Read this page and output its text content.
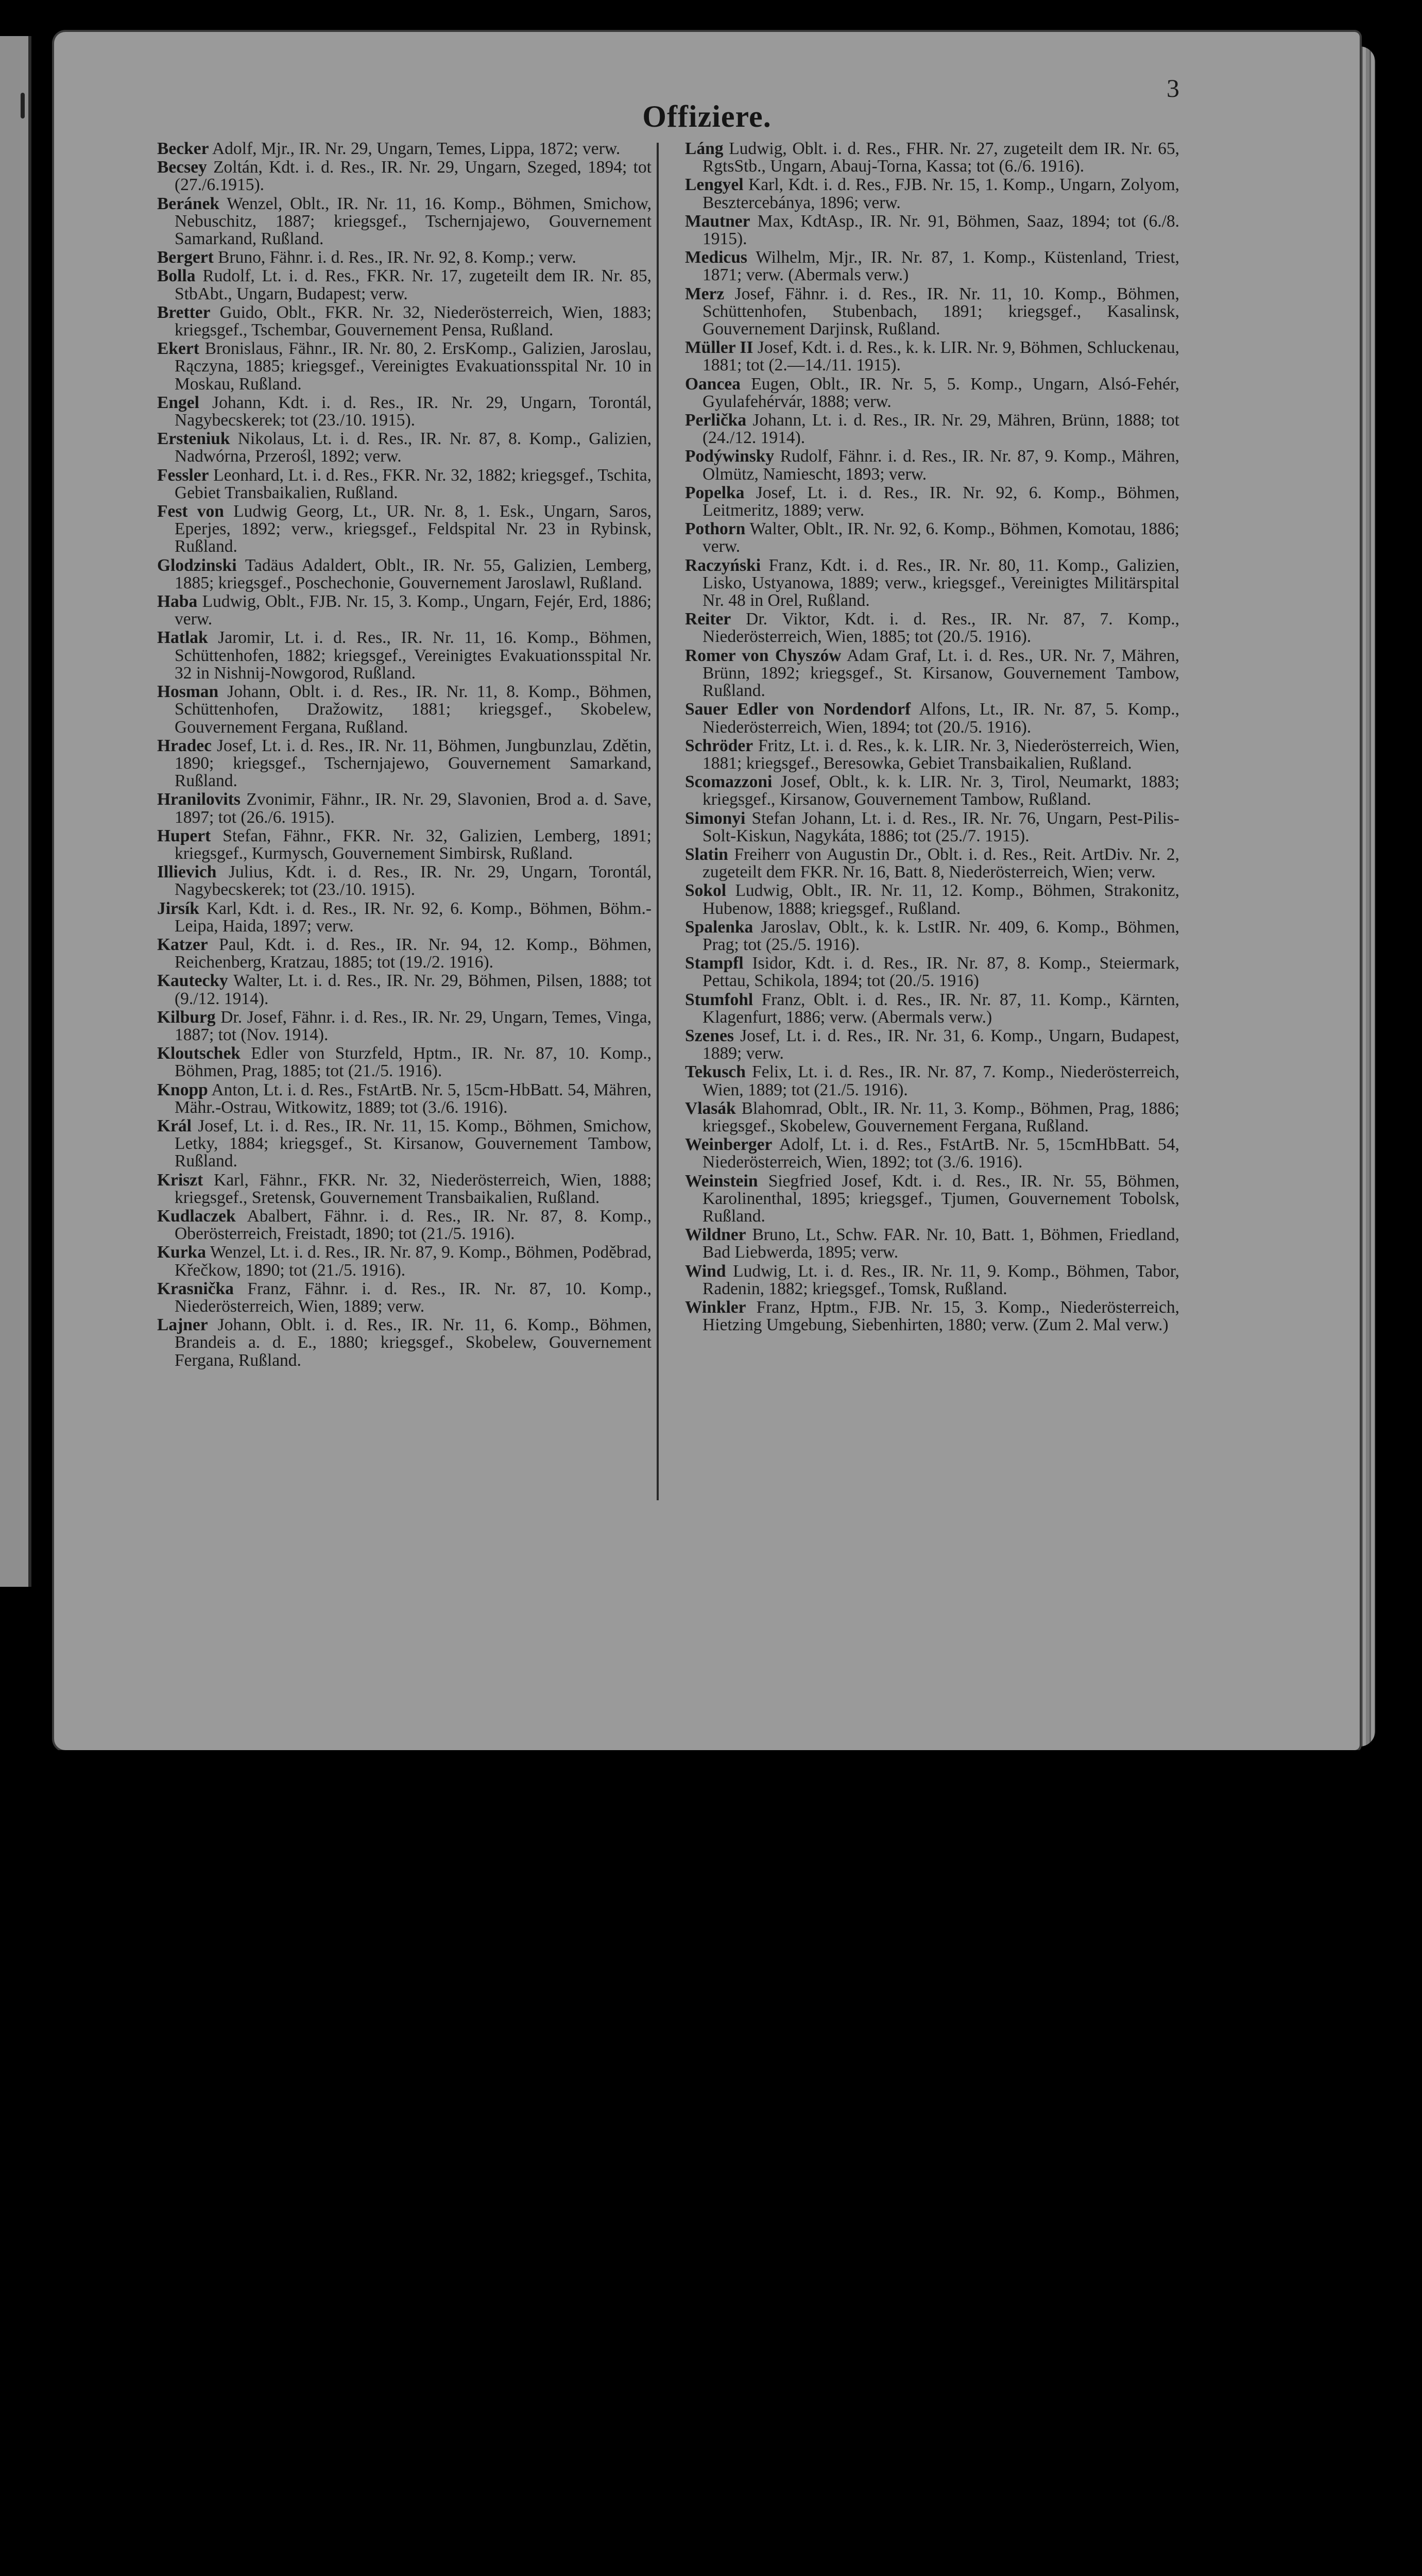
3
Offiziere.
Becker Adolf, Mjr., IR. Nr. 29, Ungarn, Temes, Lippa, 1872; verw.
Becsey Zoltán, Kdt. i. d. Res., IR. Nr. 29, Ungarn, Szeged, 1894; tot (27./6.1915).
Beránek Wenzel, Oblt., IR. Nr. 11, 16. Komp., Böhmen, Smichow, Nebuschitz, 1887; kriegsgef., Tschernjajewo, Gouvernement Samarkand, Rußland.
Bergert Bruno, Fähnr. i. d. Res., IR. Nr. 92, 8. Komp.; verw.
Bolla Rudolf, Lt. i. d. Res., FKR. Nr. 17, zugeteilt dem IR. Nr. 85, StbAbt., Ungarn, Budapest; verw.
Bretter Guido, Oblt., FKR. Nr. 32, Niederösterreich, Wien, 1883; kriegsgef., Tschembar, Gouvernement Pensa, Rußland.
Ekert Bronislaus, Fähnr., IR. Nr. 80, 2. ErsKomp., Galizien, Jaroslau, Rączyna, 1885; kriegsgef., Vereinigtes Evakuationsspital Nr. 10 in Moskau, Rußland.
Engel Johann, Kdt. i. d. Res., IR. Nr. 29, Ungarn, Torontál, Nagybecskerek; tot (23./10. 1915).
Ersteniuk Nikolaus, Lt. i. d. Res., IR. Nr. 87, 8. Komp., Galizien, Nadwórna, Przerośl, 1892; verw.
Fessler Leonhard, Lt. i. d. Res., FKR. Nr. 32, 1882; kriegsgef., Tschita, Gebiet Transbaikalien, Rußland.
Fest von Ludwig Georg, Lt., UR. Nr. 8, 1. Esk., Ungarn, Saros, Eperjes, 1892; verw., kriegsgef., Feldspital Nr. 23 in Rybinsk, Rußland.
Glodzinski Tadäus Adaldert, Oblt., IR. Nr. 55, Galizien, Lemberg, 1885; kriegsgef., Poschechonie, Gouvernement Jaroslawl, Rußland.
Haba Ludwig, Oblt., FJB. Nr. 15, 3. Komp., Ungarn, Fejér, Erd, 1886; verw.
Hatlak Jaromir, Lt. i. d. Res., IR. Nr. 11, 16. Komp., Böhmen, Schüttenhofen, 1882; kriegsgef., Vereinigtes Evakuationsspital Nr. 32 in Nishnij-Nowgorod, Rußland.
Hosman Johann, Oblt. i. d. Res., IR. Nr. 11, 8. Komp., Böhmen, Schüttenhofen, Dražowitz, 1881; kriegsgef., Skobelew, Gouvernement Fergana, Rußland.
Hradec Josef, Lt. i. d. Res., IR. Nr. 11, Böhmen, Jungbunzlau, Zdětin, 1890; kriegsgef., Tschernjajewo, Gouvernement Samarkand, Rußland.
Hranilovits Zvonimir, Fähnr., IR. Nr. 29, Slavonien, Brod a. d. Save, 1897; tot (26./6. 1915).
Hupert Stefan, Fähnr., FKR. Nr. 32, Galizien, Lemberg, 1891; kriegsgef., Kurmysch, Gouvernement Simbirsk, Rußland.
Illievich Julius, Kdt. i. d. Res., IR. Nr. 29, Ungarn, Torontál, Nagybecskerek; tot (23./10. 1915).
Jirsík Karl, Kdt. i. d. Res., IR. Nr. 92, 6. Komp., Böhmen, Böhm.-Leipa, Haida, 1897; verw.
Katzer Paul, Kdt. i. d. Res., IR. Nr. 94, 12. Komp., Böhmen, Reichenberg, Kratzau, 1885; tot (19./2. 1916).
Kautecky Walter, Lt. i. d. Res., IR. Nr. 29, Böhmen, Pilsen, 1888; tot (9./12. 1914).
Kilburg Dr. Josef, Fähnr. i. d. Res., IR. Nr. 29, Ungarn, Temes, Vinga, 1887; tot (Nov. 1914).
Kloutschek Edler von Sturzfeld, Hptm., IR. Nr. 87, 10. Komp., Böhmen, Prag, 1885; tot (21./5. 1916).
Knopp Anton, Lt. i. d. Res., FstArtB. Nr. 5, 15cm-HbBatt. 54, Mähren, Mähr.-Ostrau, Witkowitz, 1889; tot (3./6. 1916).
Král Josef, Lt. i. d. Res., IR. Nr. 11, 15. Komp., Böhmen, Smichow, Letky, 1884; kriegsgef., St. Kirsanow, Gouvernement Tambow, Rußland.
Kriszt Karl, Fähnr., FKR. Nr. 32, Niederösterreich, Wien, 1888; kriegsgef., Sretensk, Gouvernement Transbaikalien, Rußland.
Kudlaczek Abalbert, Fähnr. i. d. Res., IR. Nr. 87, 8. Komp., Oberösterreich, Freistadt, 1890; tot (21./5. 1916).
Kurka Wenzel, Lt. i. d. Res., IR. Nr. 87, 9. Komp., Böhmen, Poděbrad, Křečkow, 1890; tot (21./5. 1916).
Krasnička Franz, Fähnr. i. d. Res., IR. Nr. 87, 10. Komp., Niederösterreich, Wien, 1889; verw.
Lajner Johann, Oblt. i. d. Res., IR. Nr. 11, 6. Komp., Böhmen, Brandeis a. d. E., 1880; kriegsgef., Skobelew, Gouvernement Fergana, Rußland.
Láng Ludwig, Oblt. i. d. Res., FHR. Nr. 27, zugeteilt dem IR. Nr. 65, RgtsStb., Ungarn, Abauj-Torna, Kassa; tot (6./6. 1916).
Lengyel Karl, Kdt. i. d. Res., FJB. Nr. 15, 1. Komp., Ungarn, Zolyom, Besztercebánya, 1896; verw.
Mautner Max, KdtAsp., IR. Nr. 91, Böhmen, Saaz, 1894; tot (6./8. 1915).
Medicus Wilhelm, Mjr., IR. Nr. 87, 1. Komp., Küstenland, Triest, 1871; verw. (Abermals verw.)
Merz Josef, Fähnr. i. d. Res., IR. Nr. 11, 10. Komp., Böhmen, Schüttenhofen, Stubenbach, 1891; kriegsgef., Kasalinsk, Gouvernement Darjinsk, Rußland.
Müller II Josef, Kdt. i. d. Res., k. k. LIR. Nr. 9, Böhmen, Schluckenau, 1881; tot (2.—14./11. 1915).
Oancea Eugen, Oblt., IR. Nr. 5, 5. Komp., Ungarn, Alsó-Fehér, Gyulafehérvár, 1888; verw.
Perlička Johann, Lt. i. d. Res., IR. Nr. 29, Mähren, Brünn, 1888; tot (24./12. 1914).
Podýwinsky Rudolf, Fähnr. i. d. Res., IR. Nr. 87, 9. Komp., Mähren, Olmütz, Namiescht, 1893; verw.
Popelka Josef, Lt. i. d. Res., IR. Nr. 92, 6. Komp., Böhmen, Leitmeritz, 1889; verw.
Pothorn Walter, Oblt., IR. Nr. 92, 6. Komp., Böhmen, Komotau, 1886; verw.
Raczyński Franz, Kdt. i. d. Res., IR. Nr. 80, 11. Komp., Galizien, Lisko, Ustyanowa, 1889; verw., kriegsgef., Vereinigtes Militärspital Nr. 48 in Orel, Rußland.
Reiter Dr. Viktor, Kdt. i. d. Res., IR. Nr. 87, 7. Komp., Niederösterreich, Wien, 1885; tot (20./5. 1916).
Romer von Chyszów Adam Graf, Lt. i. d. Res., UR. Nr. 7, Mähren, Brünn, 1892; kriegsgef., St. Kirsanow, Gouvernement Tambow, Rußland.
Sauer Edler von Nordendorf Alfons, Lt., IR. Nr. 87, 5. Komp., Niederösterreich, Wien, 1894; tot (20./5. 1916).
Schröder Fritz, Lt. i. d. Res., k. k. LIR. Nr. 3, Niederösterreich, Wien, 1881; kriegsgef., Beresowka, Gebiet Transbaikalien, Rußland.
Scomazzoni Josef, Oblt., k. k. LIR. Nr. 3, Tirol, Neumarkt, 1883; kriegsgef., Kirsanow, Gouvernement Tambow, Rußland.
Simonyi Stefan Johann, Lt. i. d. Res., IR. Nr. 76, Ungarn, Pest-Pilis-Solt-Kiskun, Nagykáta, 1886; tot (25./7. 1915).
Slatin Freiherr von Augustin Dr., Oblt. i. d. Res., Reit. ArtDiv. Nr. 2, zugeteilt dem FKR. Nr. 16, Batt. 8, Niederösterreich, Wien; verw.
Sokol Ludwig, Oblt., IR. Nr. 11, 12. Komp., Böhmen, Strakonitz, Hubenow, 1888; kriegsgef., Rußland.
Spalenka Jaroslav, Oblt., k. k. LstIR. Nr. 409, 6. Komp., Böhmen, Prag; tot (25./5. 1916).
Stampfl Isidor, Kdt. i. d. Res., IR. Nr. 87, 8. Komp., Steiermark, Pettau, Schikola, 1894; tot (20./5. 1916)
Stumfohl Franz, Oblt. i. d. Res., IR. Nr. 87, 11. Komp., Kärnten, Klagenfurt, 1886; verw. (Abermals verw.)
Szenes Josef, Lt. i. d. Res., IR. Nr. 31, 6. Komp., Ungarn, Budapest, 1889; verw.
Tekusch Felix, Lt. i. d. Res., IR. Nr. 87, 7. Komp., Niederösterreich, Wien, 1889; tot (21./5. 1916).
Vlasák Blahomrad, Oblt., IR. Nr. 11, 3. Komp., Böhmen, Prag, 1886; kriegsgef., Skobelew, Gouvernement Fergana, Rußland.
Weinberger Adolf, Lt. i. d. Res., FstArtB. Nr. 5, 15cmHbBatt. 54, Niederösterreich, Wien, 1892; tot (3./6. 1916).
Weinstein Siegfried Josef, Kdt. i. d. Res., IR. Nr. 55, Böhmen, Karolinenthal, 1895; kriegsgef., Tjumen, Gouvernement Tobolsk, Rußland.
Wildner Bruno, Lt., Schw. FAR. Nr. 10, Batt. 1, Böhmen, Friedland, Bad Liebwerda, 1895; verw.
Wind Ludwig, Lt. i. d. Res., IR. Nr. 11, 9. Komp., Böhmen, Tabor, Radenin, 1882; kriegsgef., Tomsk, Rußland.
Winkler Franz, Hptm., FJB. Nr. 15, 3. Komp., Niederösterreich, Hietzing Umgebung, Siebenhirten, 1880; verw. (Zum 2. Mal verw.)
